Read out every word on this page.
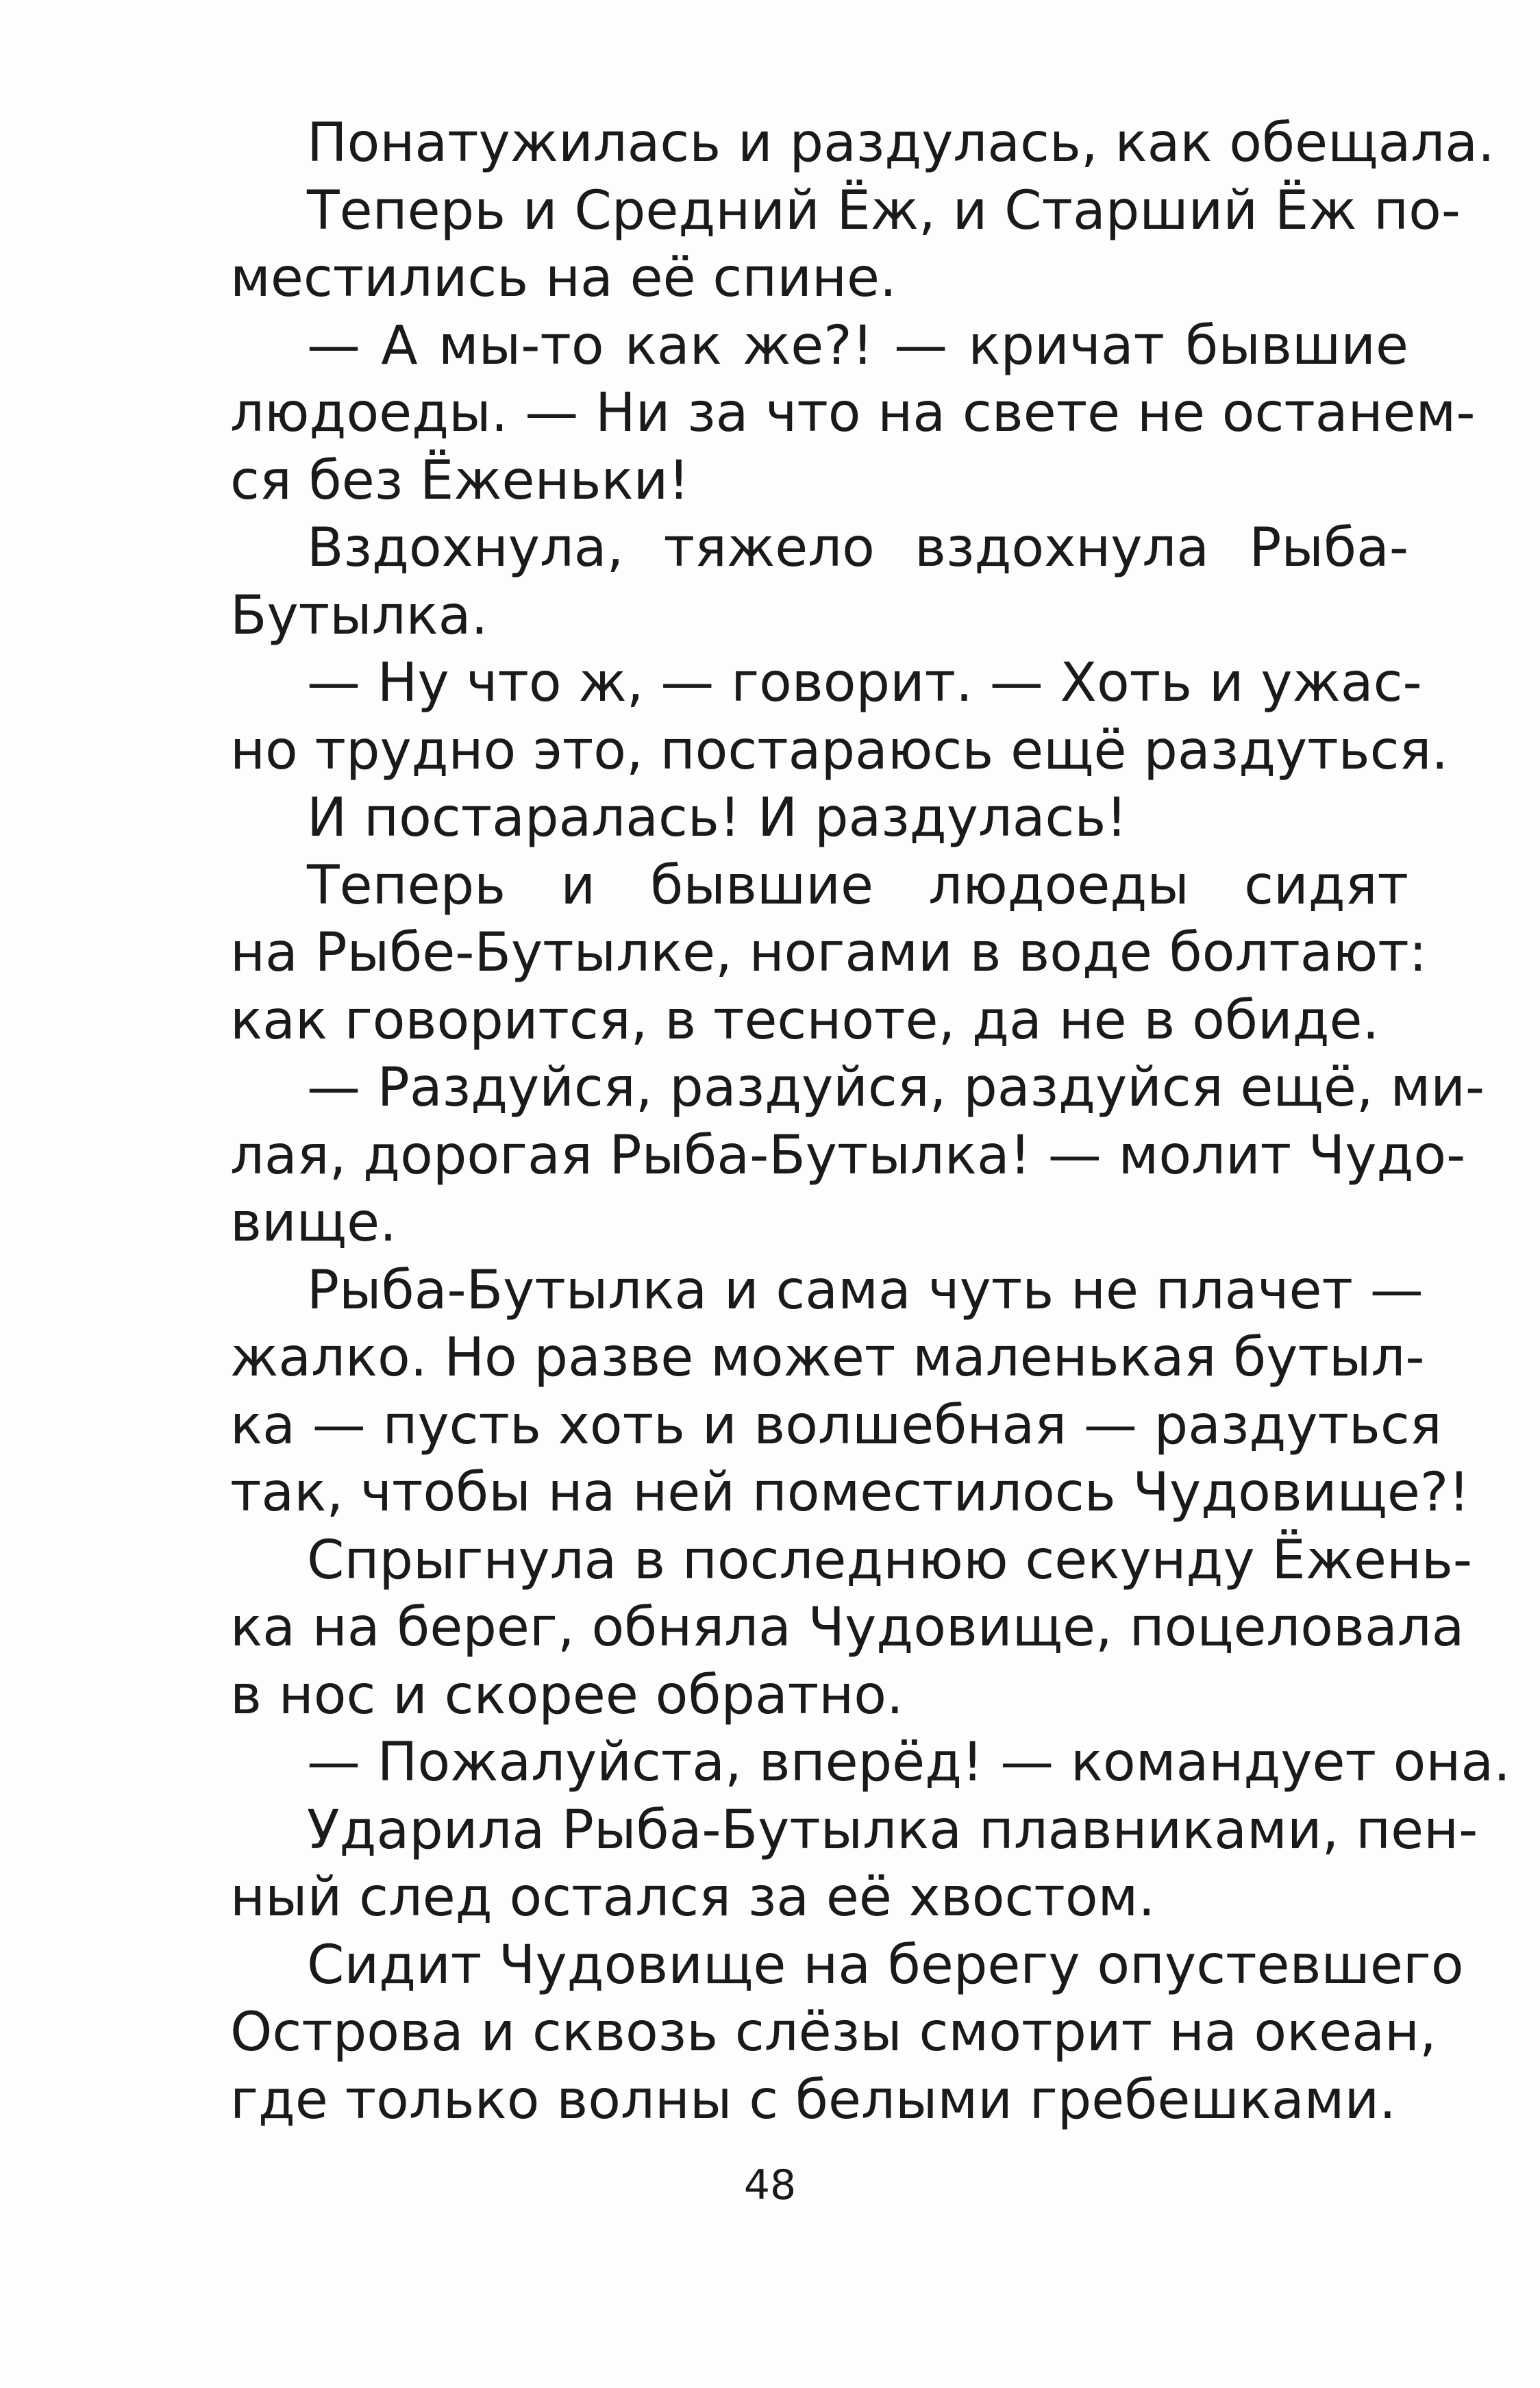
Понатужилась и раздулась, как обещала.
Теперь и Средний Ёж, и Старший Ёж по-
местились на её спине.
— А мы-то как же?! — кричат бывшие
людоеды. — Ни за что на свете не останем-
ся без Ёженьки!
Вздохнула, тяжело вздохнула Рыба-
Бутылка.
— Ну что ж, — говорит. — Хоть и ужас-
но трудно это, постараюсь ещё раздуться.
И постаралась! И раздулась!
Теперь и бывшие людоеды сидят
на Рыбе-Бутылке, ногами в воде болтают:
как говорится, в тесноте, да не в обиде.
— Раздуйся, раздуйся, раздуйся ещё, ми-
лая, дорогая Рыба-Бутылка! — молит Чудо-
вище.
Рыба-Бутылка и сама чуть не плачет —
жалко. Но разве может маленькая бутыл-
ка — пусть хоть и волшебная — раздуться
так, чтобы на ней поместилось Чудовище?!
Спрыгнула в последнюю секунду Ёжень-
ка на берег, обняла Чудовище, поцеловала
в нос и скорее обратно.
— Пожалуйста, вперёд! — командует она.
Ударила Рыба-Бутылка плавниками, пен-
ный след остался за её хвостом.
Сидит Чудовище на берегу опустевшего
Острова и сквозь слёзы смотрит на океан,
где только волны с белыми гребешками.
48
